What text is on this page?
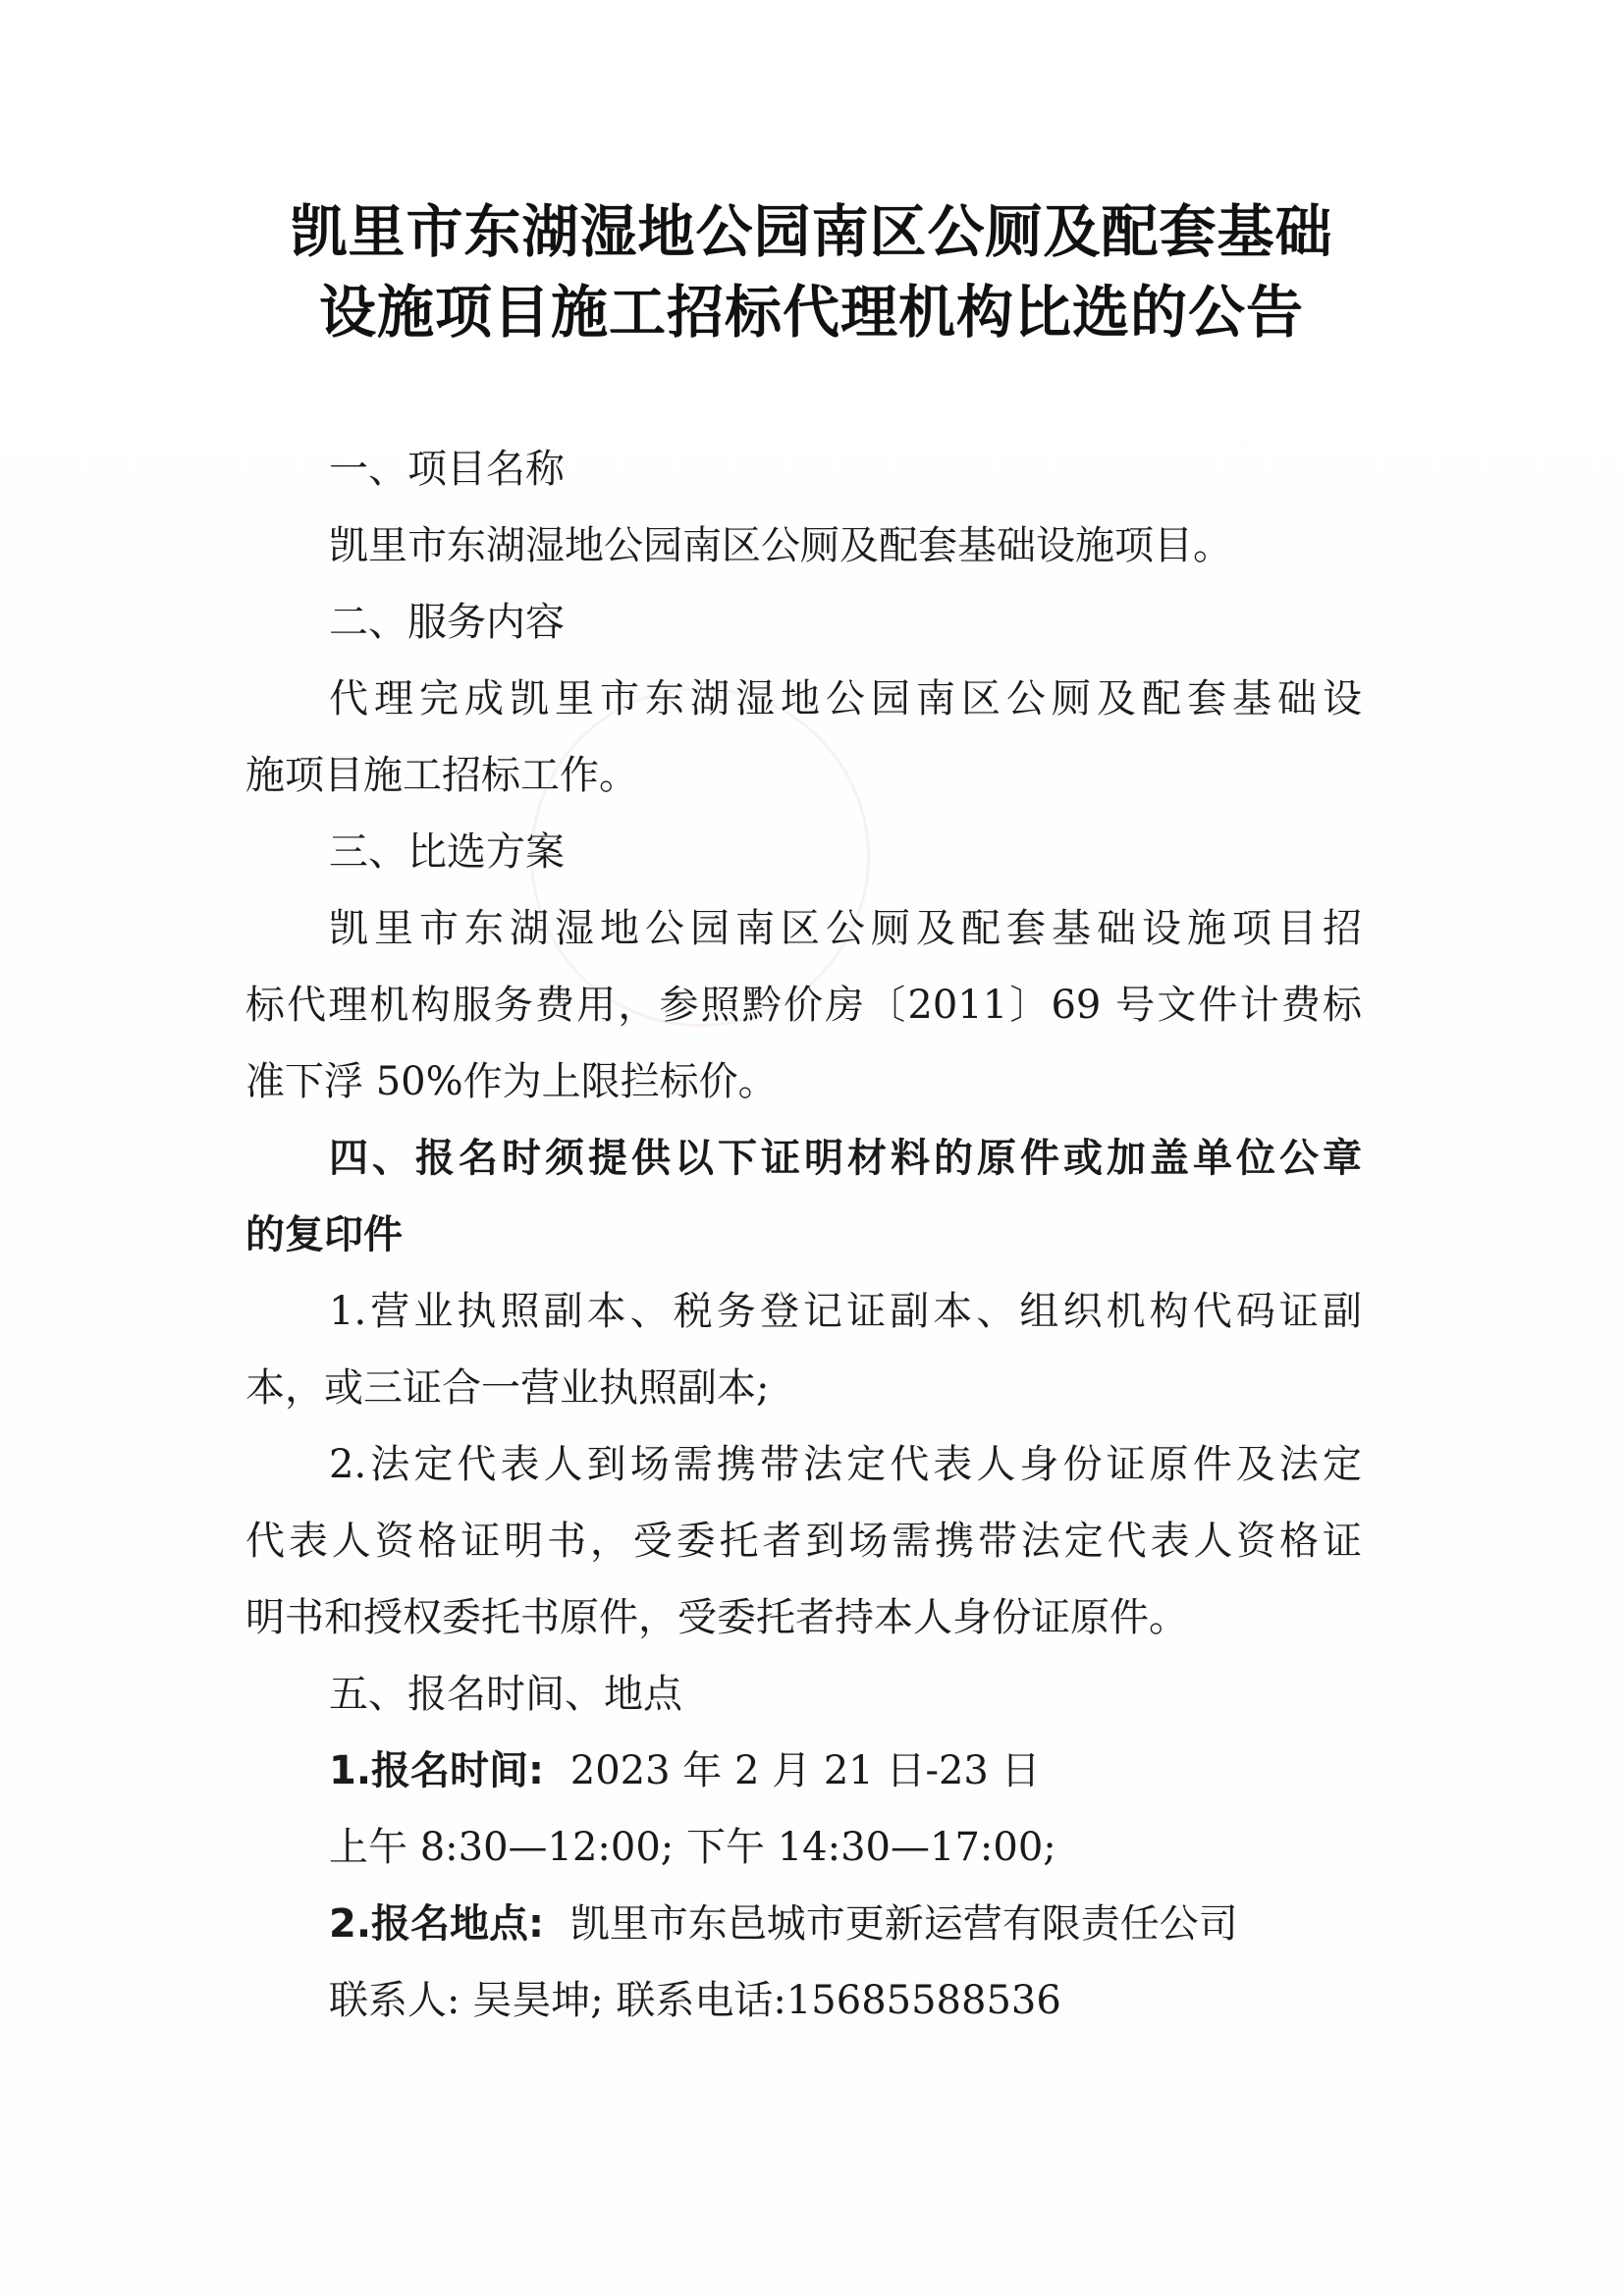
凯里市东湖湿地公园南区公厕及配套基础
设施项目施工招标代理机构比选的公告
一、项目名称
凯里市东湖湿地公园南区公厕及配套基础设施项目。
二、服务内容
代理完成凯里市东湖湿地公园南区公厕及配套基础设
施项目施工招标工作。
三、比选方案
凯里市东湖湿地公园南区公厕及配套基础设施项目招
标代理机构服务费用，参照黔价房〔2011〕69 号文件计费标
准下浮 50%作为上限拦标价。
四、报名时须提供以下证明材料的原件或加盖单位公章
的复印件
1.营业执照副本、税务登记证副本、组织机构代码证副
本，或三证合一营业执照副本;
2.法定代表人到场需携带法定代表人身份证原件及法定
代表人资格证明书，受委托者到场需携带法定代表人资格证
明书和授权委托书原件，受委托者持本人身份证原件。
五、报名时间、地点
1.报名时间: 2023 年 2 月 21 日-23 日
上午 8:30—12:00; 下午 14:30—17:00;
2.报名地点: 凯里市东邑城市更新运营有限责任公司
联系人: 吴昊坤; 联系电话:15685588536
